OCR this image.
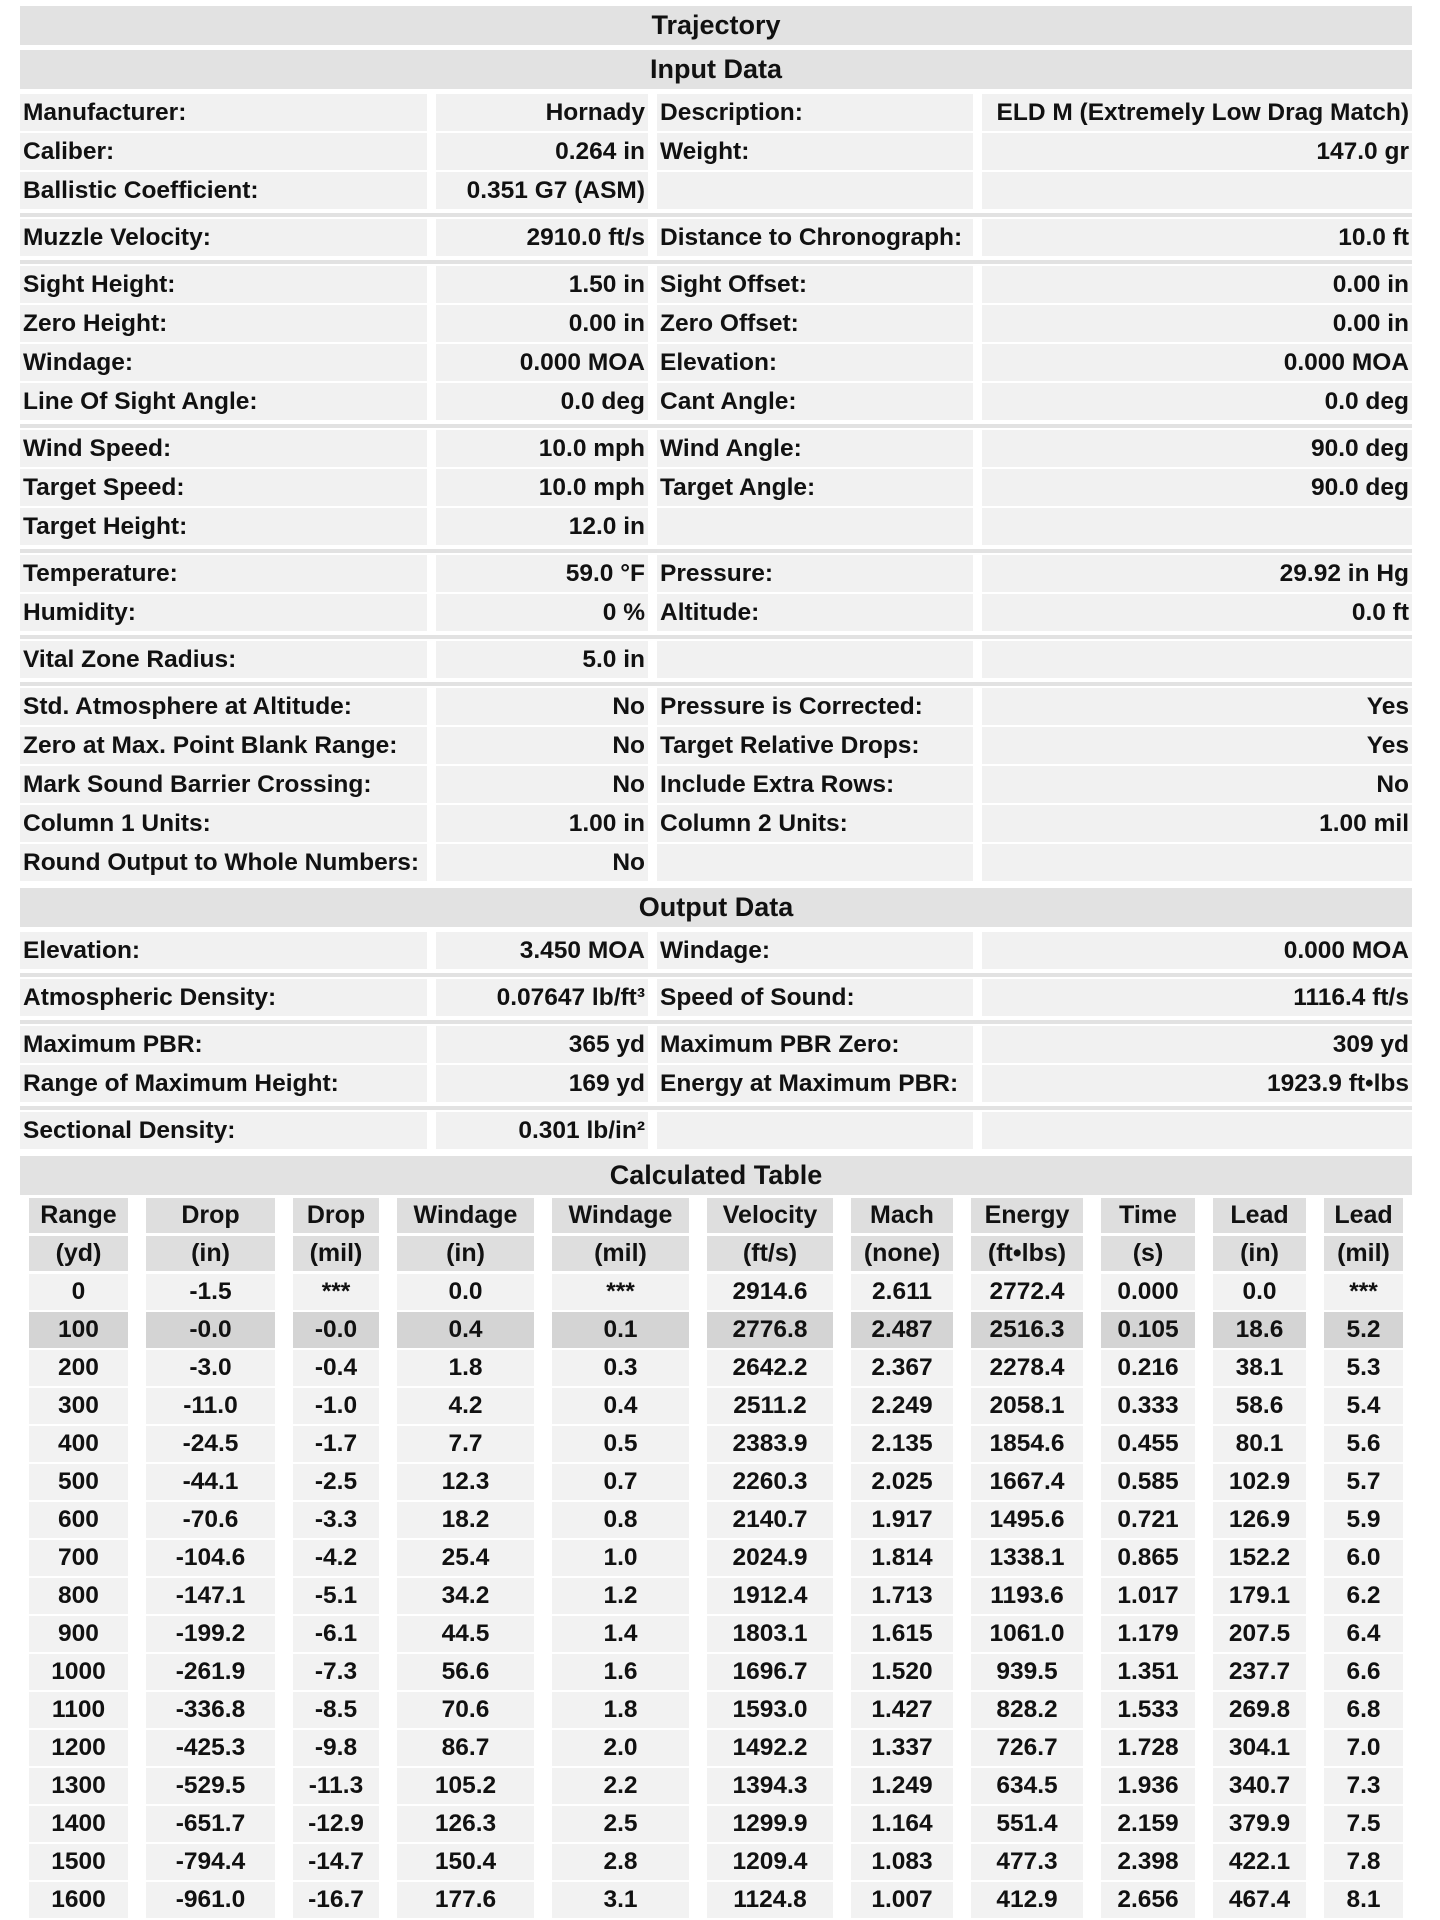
Trajectory
Input Data
Manufacturer:	Hornady Description:	ELD M (Extremely Low Drag Match)
Caliber:	0.264 in Weight:	147.0 gr
Ballistic Coefficient:	0.351 G7 (ASM)
Muzzle Velocity:	2910.0 ft/s Distance to Chronograph:	10.0 ft
Sight Height:	1.50 in Sight Offset:	0.00 in
Zero Height:	0.00 in Zero Offset:	0.00 in
Windage:	0.000 MOA Elevation:	0.000 MOA
Line Of Sight Angle:	0.0 deg Cant Angle:	0.0 deg
Wind Speed:	10.0 mph Wind Angle:	90.0 deg
Target Speed:	10.0 mph Target Angle:	90.0 deg
Target Height:	12.0 in
Temperature:	59.0 °F Pressure:	29.92 in Hg
Humidity:	0 % Altitude:	0.0 ft
Vital Zone Radius:	5.0 in
Std. Atmosphere at Altitude:	No Pressure is Corrected:	Yes
Zero at Max. Point Blank Range:	No Target Relative Drops:	Yes
Mark Sound Barrier Crossing:	No Include Extra Rows:	No
Column 1 Units:	1.00 in Column 2 Units:	1.00 mil
Round Output to Whole Numbers:	No
Output Data
Elevation:	3.450 MOA Windage:	0.000 MOA
Atmospheric Density:	0.07647 lb/ft³ Speed of Sound:	1116.4 ft/s
Maximum PBR:	365 yd Maximum PBR Zero:	309 yd
Range of Maximum Height:	169 yd Energy at Maximum PBR:	1923.9 ft•lbs
Sectional Density:	0.301 lb/in²
Calculated Table
Range	Drop	Drop	Windage	Windage	Velocity	Mach	Energy	Time	Lead	Lead
(yd)	(in)	(mil)	(in)	(mil)	(ft/s)	(none)	(ft•lbs)	(s)	(in)	(mil)
0	-1.5	***	0.0	***	2914.6	2.611	2772.4	0.000	0.0	***
100	-0.0	-0.0	0.4	0.1	2776.8	2.487	2516.3	0.105	18.6	5.2
200	-3.0	-0.4	1.8	0.3	2642.2	2.367	2278.4	0.216	38.1	5.3
300	-11.0	-1.0	4.2	0.4	2511.2	2.249	2058.1	0.333	58.6	5.4
400	-24.5	-1.7	7.7	0.5	2383.9	2.135	1854.6	0.455	80.1	5.6
500	-44.1	-2.5	12.3	0.7	2260.3	2.025	1667.4	0.585	102.9	5.7
600	-70.6	-3.3	18.2	0.8	2140.7	1.917	1495.6	0.721	126.9	5.9
700	-104.6	-4.2	25.4	1.0	2024.9	1.814	1338.1	0.865	152.2	6.0
800	-147.1	-5.1	34.2	1.2	1912.4	1.713	1193.6	1.017	179.1	6.2
900	-199.2	-6.1	44.5	1.4	1803.1	1.615	1061.0	1.179	207.5	6.4
1000	-261.9	-7.3	56.6	1.6	1696.7	1.520	939.5	1.351	237.7	6.6
1100	-336.8	-8.5	70.6	1.8	1593.0	1.427	828.2	1.533	269.8	6.8
1200	-425.3	-9.8	86.7	2.0	1492.2	1.337	726.7	1.728	304.1	7.0
1300	-529.5	-11.3	105.2	2.2	1394.3	1.249	634.5	1.936	340.7	7.3
1400	-651.7	-12.9	126.3	2.5	1299.9	1.164	551.4	2.159	379.9	7.5
1500	-794.4	-14.7	150.4	2.8	1209.4	1.083	477.3	2.398	422.1	7.8
1600	-961.0	-16.7	177.6	3.1	1124.8	1.007	412.9	2.656	467.4	8.1
